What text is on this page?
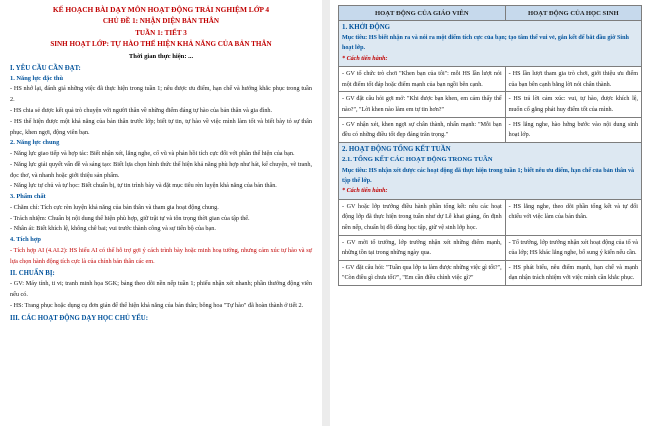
KẾ HOẠCH BÀI DẠY MÔN HOẠT ĐỘNG TRẢI NGHIỆM LỚP 4
CHỦ ĐỀ 1: NHẬN DIỆN BẢN THÂN
TUẦN 1: TIẾT 3
SINH HOẠT LỚP: TỰ HÀO THỂ HIỆN KHẢ NĂNG CỦA BẢN THÂN
Thời gian thực hiện: ...
I. YÊU CẦU CẦN ĐẠT:
1. Năng lực đặc thù

- HS nhớ lại, đánh giá những việc đã thực hiện trong tuần 1; nêu được ưu điểm, hạn chế và hướng khắc phục trong tuần 2.

- HS chia sẻ được kết quả trò chuyện với người thân về những điểm đáng tự hào của bản thân và gia đình.

- HS thể hiện được một khả năng của bản thân trước lớp; biết tự tin, tự hào về việc mình làm tốt và biết bày tỏ sự thân phục, khen ngợi, động viên bạn.

2. Năng lực chung

- Năng lực giao tiếp và hợp tác: Biết nhận xét, lắng nghe, cổ vũ và phản hồi tích cực đối với phần thể hiện của bạn.

- Năng lực giải quyết vấn đề và sáng tạo: Biết lựa chọn hình thức thể hiện khả năng phù hợp như hát, kể chuyện, vẽ tranh, đọc thơ, và nhanh hoặc giới thiệu sản phẩm.

- Năng lực tự chủ và tự học: Biết chuẩn bị, tự tin trình bày và đặt mục tiêu rèn luyện khả năng của bản thân.

3. Phẩm chất

- Chăm chỉ: Tích cực rèn luyện khả năng của bản thân và tham gia hoạt động chung.

- Trách nhiệm: Chuẩn bị nội dung thể hiện phù hợp, giữ trật tự và tôn trọng thời gian của tập thể.

- Nhân ái: Biết khích lệ, không chê bai; vui trước thành công và sự tiến bộ của bạn.

4. Tích hợp

- Tích hợp AI (4.AI.2): HS hiểu AI có thể hỗ trợ gợi ý cách trình bày hoặc minh hoạ tưởng, nhưng cảm xúc tự hào và sự lựa chọn hành động tích cực là của chính bản thân các em.

II. CHUẨN BỊ:

- GV: Máy tính, ti vi; tranh minh họa SGK; bảng theo dõi nền nếp tuần 1; phiếu nhận xét nhanh; phần thưởng động viên nếu có.

- HS: Trang phục hoặc dụng cụ đơn giản để thể hiện khả năng của bản thân; bông hoa "Tự hào" đã hoàn thành ở tiết 2.

III. CÁC HOẠT ĐỘNG DẠY HỌC CHỦ YẾU:
HOẠT ĐỘNG CỦA GIÁO VIÊN	HOẠT ĐỘNG CỦA HỌC SINH

1. KHỞI ĐỘNG
Mục tiêu: HS biết nhận ra và nói ra một điểm tích cực của bạn; tạo tâm thế vui vẻ, gắn kết để bắt đầu giờ Sinh hoạt lớp.
* Cách tiến hành:	

- GV tổ chức trò chơi "Khen bạn của tôi": mỗi HS lần lượt nói một điểm tốt đáp hoặc điểm mạnh của bạn ngồi bên cạnh.	- HS lần lượt tham gia trò chơi, giới thiệu ưu điểm của bạn bên cạnh bằng lời nói chân thành.
- GV đặt câu hỏi gợi mở: "Khi được bạn khen, em cảm thấy thế nào?", "Lời khen nào làm em tự tin hơn?"	- HS trả lời cảm xúc: vui, tự hào, được khích lệ, muốn cố gắng phát huy điểm tốt của mình.
- GV nhận xét, khen ngợi sự chân thành, nhấn mạnh: "Mỗi bạn đều có những điều tốt đẹp đáng trân trọng."	- HS lắng nghe, hào hứng bước vào nội dung sinh hoạt lớp.

2. HOẠT ĐỘNG TỔNG KẾT TUẦN
2.1. TỔNG KẾT CÁC HOẠT ĐỘNG TRONG TUẦN
Mục tiêu: HS nhận xét được các hoạt động đã thực hiện trong tuần 1; biết nêu ưu điểm, hạn chế của bản thân và tập thể lớp.
* Cách tiến hành:	

- GV hoặc lớp trưởng điều hành phần tổng kết: nêu các hoạt động lớp đã thực hiện trong tuần như dự Lễ khai giảng, ổn định nền nếp, chuẩn bị đồ dùng học tập, giữ vệ sinh lớp học.	- HS lắng nghe, theo dõi phần tổng kết và tự đối chiếu với việc làm của bản thân.
- GV mời tổ trưởng, lớp trưởng nhận xét những điểm mạnh, những tồn tại trong những ngày qua.	- Tổ trưởng, lớp trưởng nhận xét hoạt động của tổ và của lớp; HS khác lắng nghe, bổ sung ý kiến nếu cần.
- GV đặt câu hỏi: "Tuần qua lớp ta làm được những việc gì tốt?", "Còn điều gì chưa tốt?", "Em cần điều chỉnh việc gì?"	- HS phát biểu, nêu điểm mạnh, hạn chế và mạnh dạn nhận trách nhiệm với việc mình cần khắc phục.
